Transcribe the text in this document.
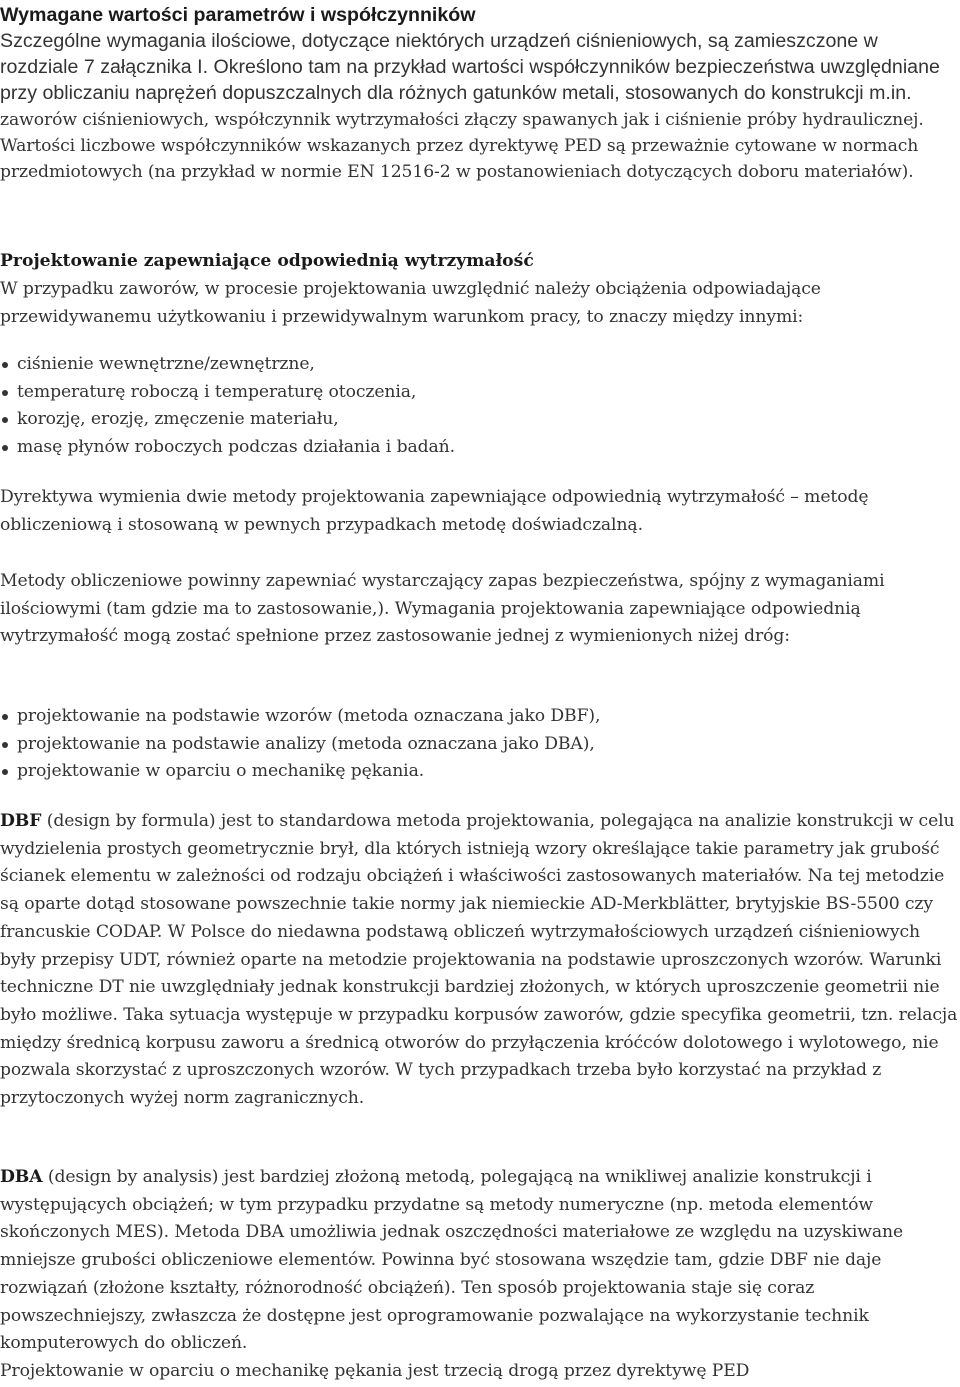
Wymagane wartości parametrów i współczynników

Szczególne wymagania ilościowe, dotyczące niektórych urządzeń ciśnieniowych, są zamieszczone w rozdziale 7 załącznika I. Określono tam na przykład wartości współczynników bezpieczeństwa uwzględniane przy obliczaniu naprężeń dopuszczalnych dla różnych gatunków metali, stosowanych do konstrukcji m.in. zaworów ciśnieniowych, współczynnik wytrzymałości złączy spawanych jak i ciśnienie próby hydraulicznej. Wartości liczbowe współczynników wskazanych przez dyrektywę PED są przeważnie cytowane w normach przedmiotowych (na przykład w normie EN 12516-2 w postanowieniach dotyczących doboru materiałów).

Projektowanie zapewniające odpowiednią wytrzymałość

W przypadku zaworów, w procesie projektowania uwzględnić należy obciążenia odpowiadające przewidywanemu użytkowaniu i przewidywalnym warunkom pracy, to znaczy między innymi:

ciśnienie wewnętrzne/zewnętrzne,
temperaturę roboczą i temperaturę otoczenia,
korozję, erozję, zmęczenie materiału,
masę płynów roboczych podczas działania i badań.

Dyrektywa wymienia dwie metody projektowania zapewniające odpowiednią wytrzymałość – metodę obliczeniową i stosowaną w pewnych przypadkach metodę doświadczalną.

Metody obliczeniowe powinny zapewniać wystarczający zapas bezpieczeństwa, spójny z wymaganiami ilościowymi (tam gdzie ma to zastosowanie,). Wymagania projektowania zapewniające odpowiednią wytrzymałość mogą zostać spełnione przez zastosowanie jednej z wymienionych niżej dróg:

projektowanie na podstawie wzorów (metoda oznaczana jako DBF),
projektowanie na podstawie analizy (metoda oznaczana jako DBA),
projektowanie w oparciu o mechanikę pękania.

DBF (design by formula) jest to standardowa metoda projektowania, polegająca na analizie konstrukcji w celu wydzielenia prostych geometrycznie brył, dla których istnieją wzory określające takie parametry jak grubość ścianek elementu w zależności od rodzaju obciążeń i właściwości zastosowanych materiałów. Na tej metodzie są oparte dotąd stosowane powszechnie takie normy jak niemieckie AD-Merkblätter, brytyjskie BS-5500 czy francuskie CODAP. W Polsce do niedawna podstawą obliczeń wytrzymałościowych urządzeń ciśnieniowych były przepisy UDT, również oparte na metodzie projektowania na podstawie uproszczonych wzorów. Warunki techniczne DT nie uwzględniały jednak konstrukcji bardziej złożonych, w których uproszczenie geometrii nie było możliwe. Taka sytuacja występuje w przypadku korpusów zaworów, gdzie specyfika geometrii, tzn. relacja między średnicą korpusu zaworu a średnicą otworów do przyłączenia króćców dolotowego i wylotowego, nie pozwala skorzystać z uproszczonych wzorów. W tych przypadkach trzeba było korzystać na przykład z przytoczonych wyżej norm zagranicznych.

DBA (design by analysis) jest bardziej złożoną metodą, polegającą na wnikliwej analizie konstrukcji i występujących obciążeń; w tym przypadku przydatne są metody numeryczne (np. metoda elementów skończonych MES). Metoda DBA umożliwia jednak oszczędności materiałowe ze względu na uzyskiwane mniejsze grubości obliczeniowe elementów. Powinna być stosowana wszędzie tam, gdzie DBF nie daje rozwiązań (złożone kształty, różnorodność obciążeń). Ten sposób projektowania staje się coraz powszechniejszy, zwłaszcza że dostępne jest oprogramowanie pozwalające na wykorzystanie technik komputerowych do obliczeń.

Projektowanie w oparciu o mechanikę pękania jest trzecią drogą przez dyrektywę PED
